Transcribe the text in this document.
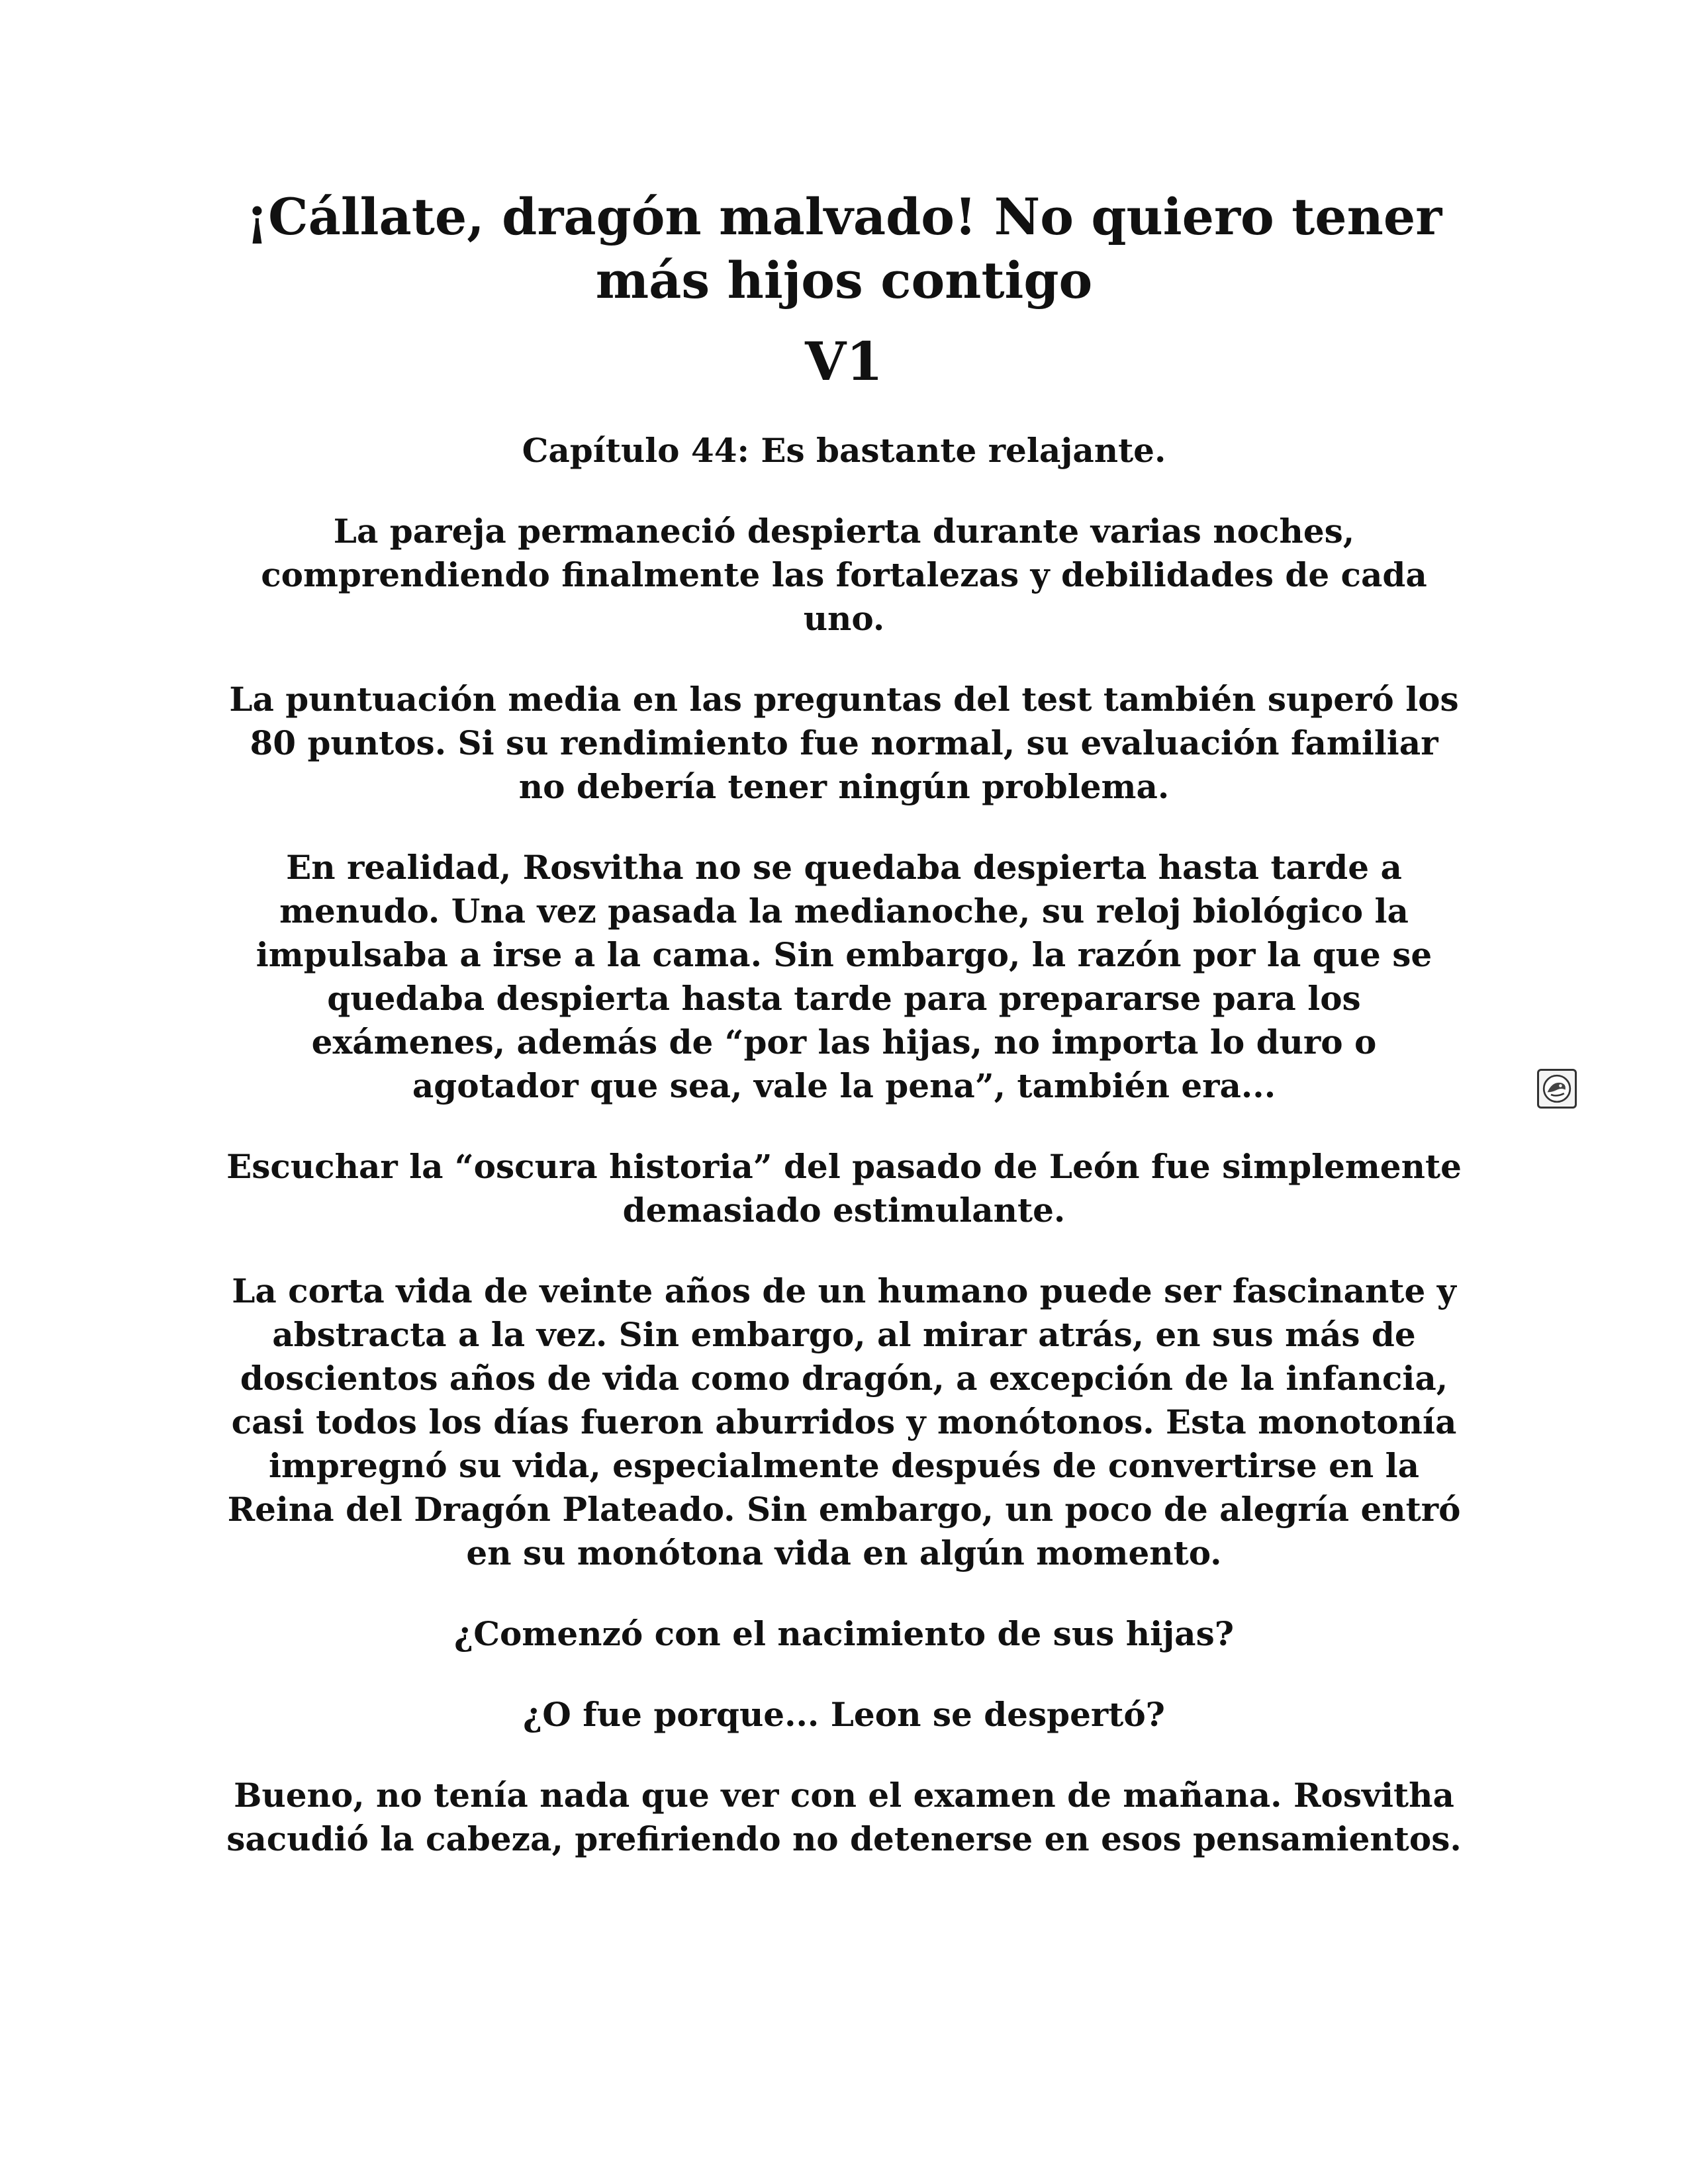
¡Cállate, dragón malvado! No quiero tener más hijos contigo
V1
Capítulo 44: Es bastante relajante.

La pareja permaneció despierta durante varias noches, comprendiendo finalmente las fortalezas y debilidades de cada uno.

La puntuación media en las preguntas del test también superó los 80 puntos. Si su rendimiento fue normal, su evaluación familiar no debería tener ningún problema.

En realidad, Rosvitha no se quedaba despierta hasta tarde a menudo. Una vez pasada la medianoche, su reloj biológico la impulsaba a irse a la cama. Sin embargo, la razón por la que se quedaba despierta hasta tarde para prepararse para los exámenes, además de “por las hijas, no importa lo duro o agotador que sea, vale la pena”, también era...

Escuchar la “oscura historia” del pasado de León fue simplemente demasiado estimulante.

La corta vida de veinte años de un humano puede ser fascinante y abstracta a la vez. Sin embargo, al mirar atrás, en sus más de doscientos años de vida como dragón, a excepción de la infancia, casi todos los días fueron aburridos y monótonos. Esta monotonía impregnó su vida, especialmente después de convertirse en la Reina del Dragón Plateado. Sin embargo, un poco de alegría entró en su monótona vida en algún momento.

¿Comenzó con el nacimiento de sus hijas?

¿O fue porque... Leon se despertó?

Bueno, no tenía nada que ver con el examen de mañana. Rosvitha sacudió la cabeza, prefiriendo no detenerse en esos pensamientos.
